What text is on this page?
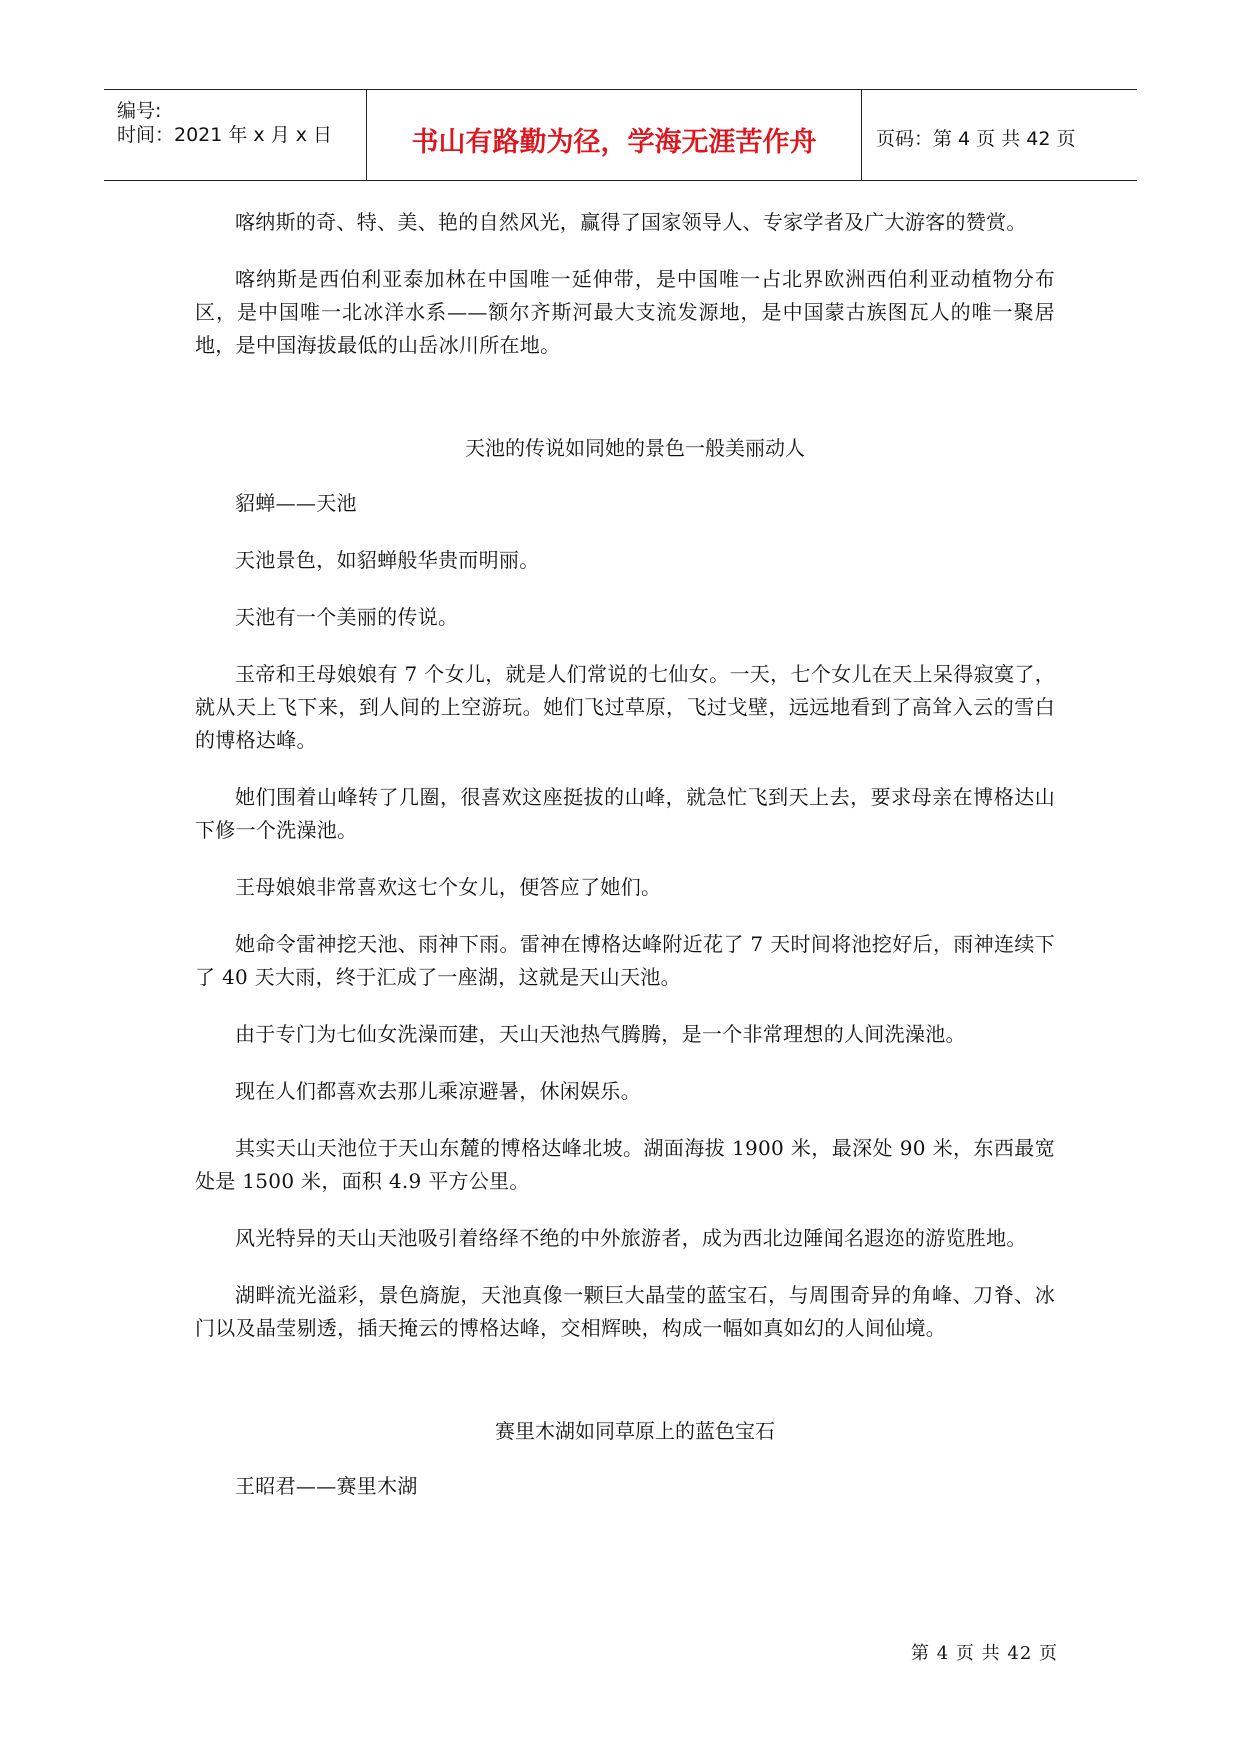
编号:
时间：2021 年 x 月 x 日	书山有路勤为径，学海无涯苦作舟	页码：第 4 页 共 42 页

喀纳斯的奇、特、美、艳的自然风光，赢得了国家领导人、专家学者及广大游客的赞赏。

喀纳斯是西伯利亚泰加林在中国唯一延伸带，是中国唯一占北界欧洲西伯利亚动植物分布区，是中国唯一北冰洋水系——额尔齐斯河最大支流发源地，是中国蒙古族图瓦人的唯一聚居地，是中国海拔最低的山岳冰川所在地。

天池的传说如同她的景色一般美丽动人

貂蝉——天池

天池景色，如貂蝉般华贵而明丽。

天池有一个美丽的传说。

玉帝和王母娘娘有 7 个女儿，就是人们常说的七仙女。一天，七个女儿在天上呆得寂寞了，就从天上飞下来，到人间的上空游玩。她们飞过草原，飞过戈壁，远远地看到了高耸入云的雪白的博格达峰。

她们围着山峰转了几圈，很喜欢这座挺拔的山峰，就急忙飞到天上去，要求母亲在博格达山下修一个洗澡池。

王母娘娘非常喜欢这七个女儿，便答应了她们。

她命令雷神挖天池、雨神下雨。雷神在博格达峰附近花了 7 天时间将池挖好后，雨神连续下了 40 天大雨，终于汇成了一座湖，这就是天山天池。

由于专门为七仙女洗澡而建，天山天池热气腾腾，是一个非常理想的人间洗澡池。

现在人们都喜欢去那儿乘凉避暑，休闲娱乐。

其实天山天池位于天山东麓的博格达峰北坡。湖面海拔 1900 米，最深处 90 米，东西最宽处是 1500 米，面积 4.9 平方公里。

风光特异的天山天池吸引着络绎不绝的中外旅游者，成为西北边陲闻名遐迩的游览胜地。

湖畔流光溢彩，景色旖旎，天池真像一颗巨大晶莹的蓝宝石，与周围奇异的角峰、刀脊、冰门以及晶莹剔透，插天掩云的博格达峰，交相辉映，构成一幅如真如幻的人间仙境。

赛里木湖如同草原上的蓝色宝石

王昭君——赛里木湖

第 4 页 共 42 页
